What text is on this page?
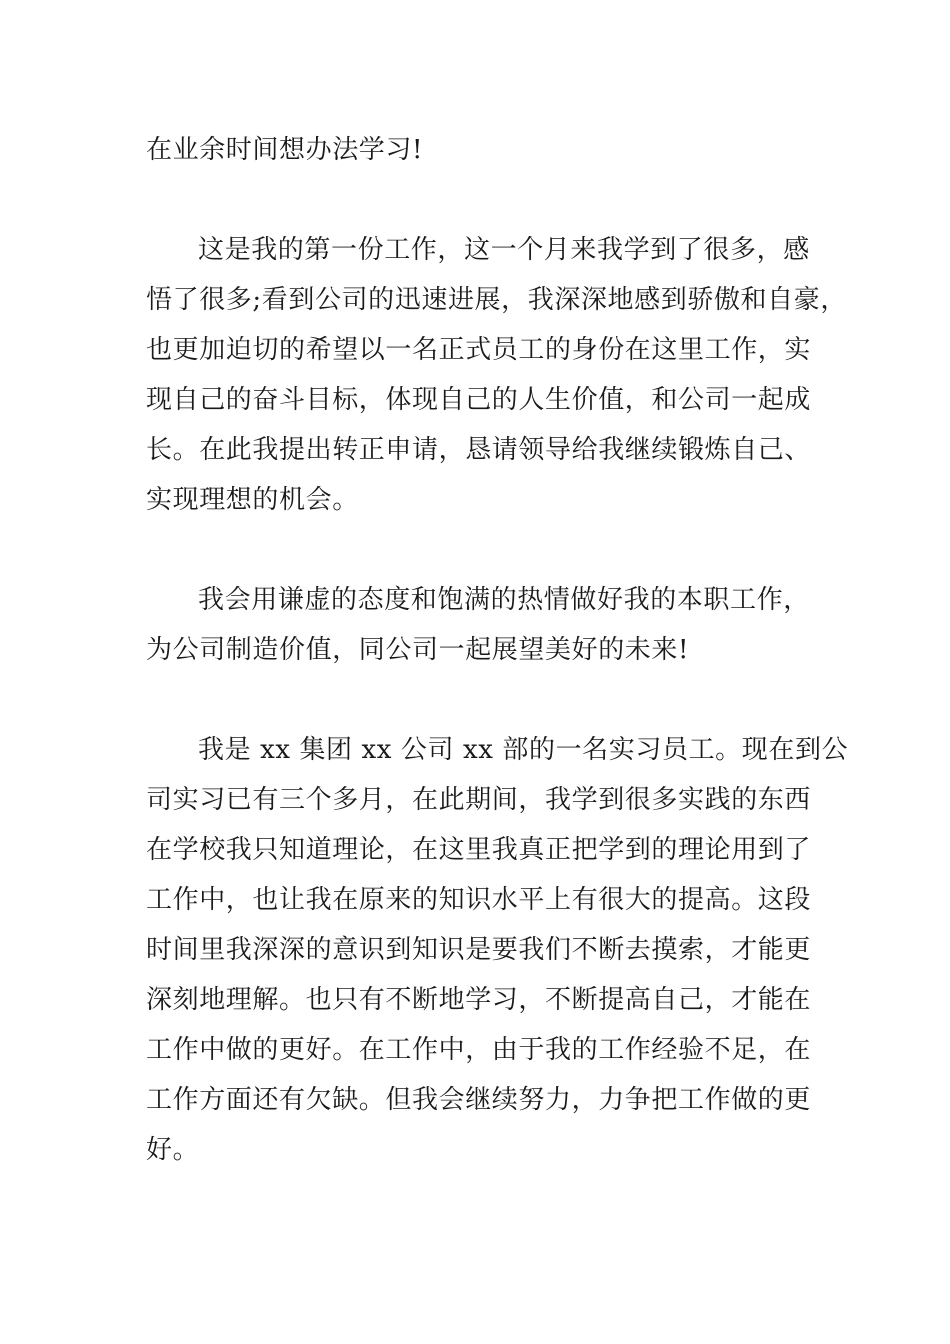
在业余时间想办法学习!
这是我的第一份工作，这一个月来我学到了很多，感
悟了很多;看到公司的迅速进展，我深深地感到骄傲和自豪，
也更加迫切的希望以一名正式员工的身份在这里工作，实
现自己的奋斗目标，体现自己的人生价值，和公司一起成
长。在此我提出转正申请，恳请领导给我继续锻炼自己、
实现理想的机会。
我会用谦虚的态度和饱满的热情做好我的本职工作，
为公司制造价值，同公司一起展望美好的未来!
我是 xx 集团 xx 公司 xx 部的一名实习员工。现在到公
司实习已有三个多月，在此期间，我学到很多实践的东西
在学校我只知道理论，在这里我真正把学到的理论用到了
工作中，也让我在原来的知识水平上有很大的提高。这段
时间里我深深的意识到知识是要我们不断去摸索，才能更
深刻地理解。也只有不断地学习，不断提高自己，才能在
工作中做的更好。在工作中，由于我的工作经验不足，在
工作方面还有欠缺。但我会继续努力，力争把工作做的更
好。
